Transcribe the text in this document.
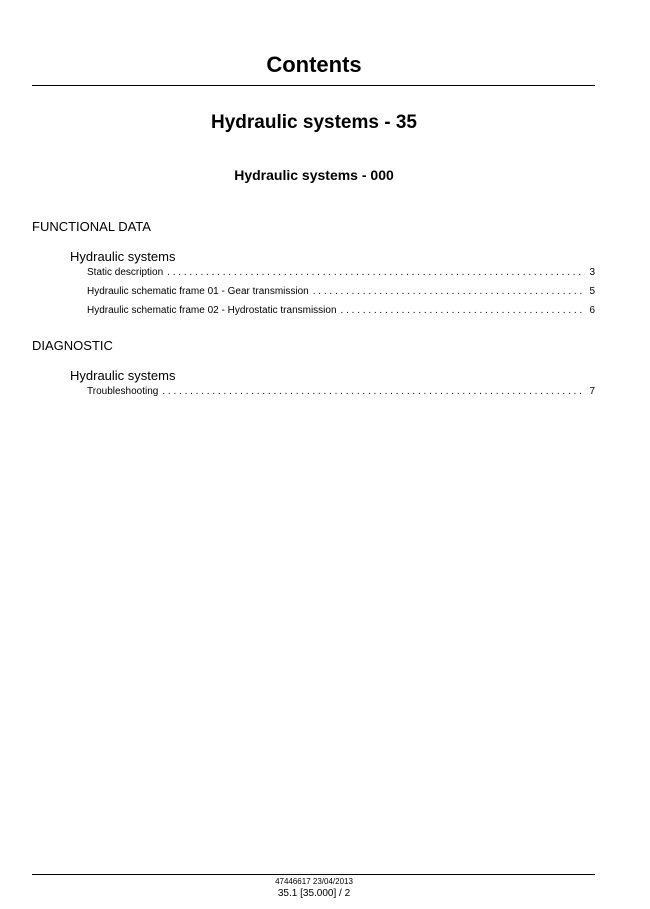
Contents
Hydraulic systems - 35
Hydraulic systems - 000
FUNCTIONAL DATA
Hydraulic systems
Static description . . .	3
Hydraulic schematic frame 01 - Gear transmission . . .	5
Hydraulic schematic frame 02 - Hydrostatic transmission . . .	6
DIAGNOSTIC
Hydraulic systems
Troubleshooting . . .	7
47446617 23/04/2013
35.1 [35.000] / 2
